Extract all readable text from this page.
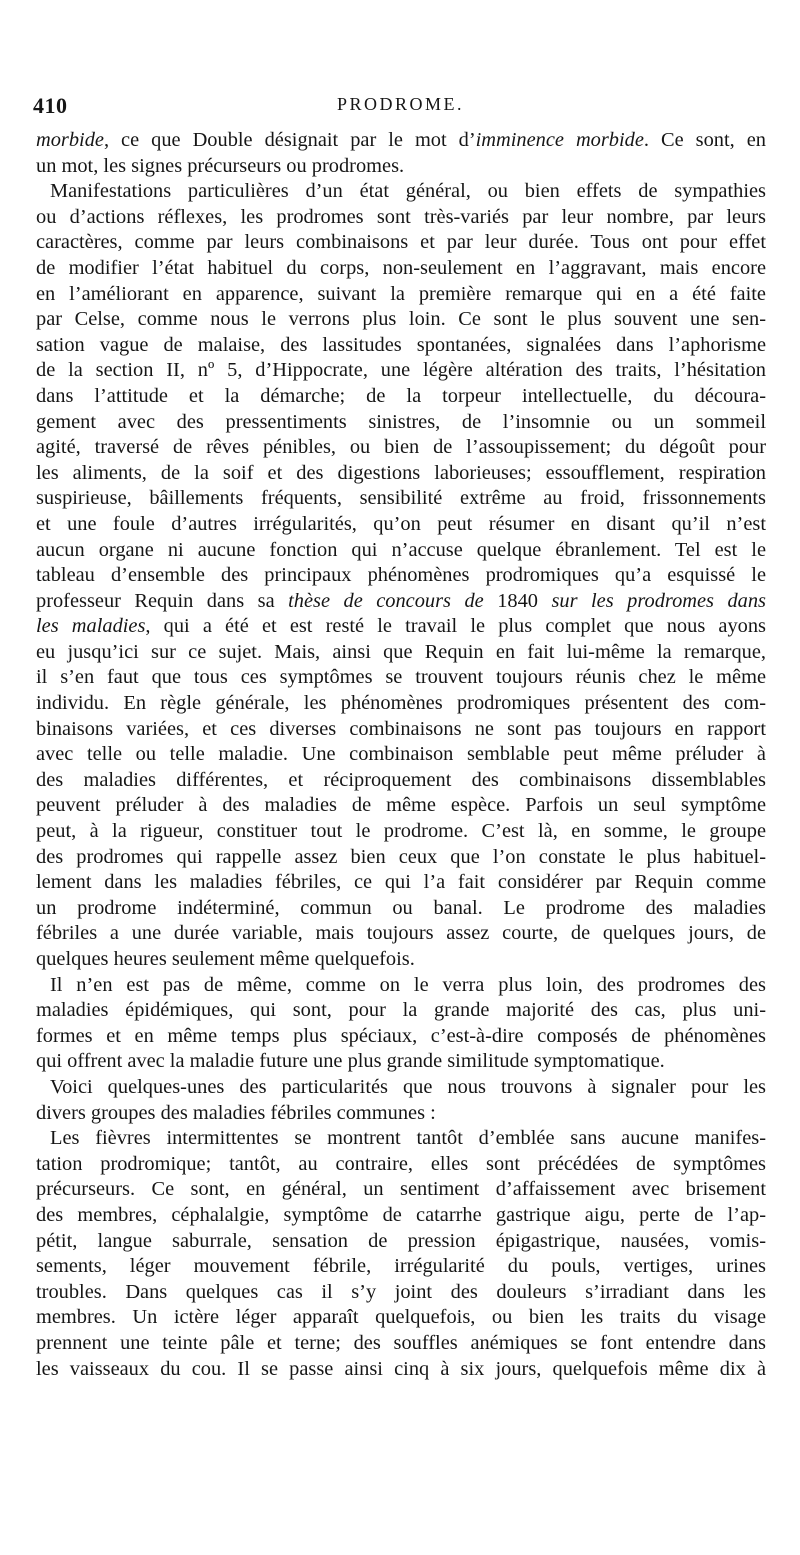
410	PRODROME.
morbide, ce que Double désignait par le mot d’imminence morbide. Ce sont, en
un mot, les signes précurseurs ou prodromes.
Manifestations particulières d’un état général, ou bien effets de sympathies
ou d’actions réflexes, les prodromes sont très-variés par leur nombre, par leurs
caractères, comme par leurs combinaisons et par leur durée. Tous ont pour effet
de modifier l’état habituel du corps, non-seulement en l’aggravant, mais encore
en l’améliorant en apparence, suivant la première remarque qui en a été faite
par Celse, comme nous le verrons plus loin. Ce sont le plus souvent une sen-
sation vague de malaise, des lassitudes spontanées, signalées dans l’aphorisme
de la section II, nº 5, d’Hippocrate, une légère altération des traits, l’hésitation
dans l’attitude et la démarche; de la torpeur intellectuelle, du découra-
gement avec des pressentiments sinistres, de l’insomnie ou un sommeil
agité, traversé de rêves pénibles, ou bien de l’assoupissement; du dégoût pour
les aliments, de la soif et des digestions laborieuses; essoufflement, respiration
suspirieuse, bâillements fréquents, sensibilité extrême au froid, frissonnements
et une foule d’autres irrégularités, qu’on peut résumer en disant qu’il n’est
aucun organe ni aucune fonction qui n’accuse quelque ébranlement. Tel est le
tableau d’ensemble des principaux phénomènes prodromiques qu’a esquissé le
professeur Requin dans sa thèse de concours de 1840 sur les prodromes dans
les maladies, qui a été et est resté le travail le plus complet que nous ayons
eu jusqu’ici sur ce sujet. Mais, ainsi que Requin en fait lui-même la remarque,
il s’en faut que tous ces symptômes se trouvent toujours réunis chez le même
individu. En règle générale, les phénomènes prodromiques présentent des com-
binaisons variées, et ces diverses combinaisons ne sont pas toujours en rapport
avec telle ou telle maladie. Une combinaison semblable peut même préluder à
des maladies différentes, et réciproquement des combinaisons dissemblables
peuvent préluder à des maladies de même espèce. Parfois un seul symptôme
peut, à la rigueur, constituer tout le prodrome. C’est là, en somme, le groupe
des prodromes qui rappelle assez bien ceux que l’on constate le plus habituel-
lement dans les maladies fébriles, ce qui l’a fait considérer par Requin comme
un prodrome indéterminé, commun ou banal. Le prodrome des maladies
fébriles a une durée variable, mais toujours assez courte, de quelques jours, de
quelques heures seulement même quelquefois.
Il n’en est pas de même, comme on le verra plus loin, des prodromes des
maladies épidémiques, qui sont, pour la grande majorité des cas, plus uni-
formes et en même temps plus spéciaux, c’est-à-dire composés de phénomènes
qui offrent avec la maladie future une plus grande similitude symptomatique.
Voici quelques-unes des particularités que nous trouvons à signaler pour les
divers groupes des maladies fébriles communes :
Les fièvres intermittentes se montrent tantôt d’emblée sans aucune manifes-
tation prodromique; tantôt, au contraire, elles sont précédées de symptômes
précurseurs. Ce sont, en général, un sentiment d’affaissement avec brisement
des membres, céphalalgie, symptôme de catarrhe gastrique aigu, perte de l’ap-
pétit, langue saburrale, sensation de pression épigastrique, nausées, vomis-
sements, léger mouvement fébrile, irrégularité du pouls, vertiges, urines
troubles. Dans quelques cas il s’y joint des douleurs s’irradiant dans les
membres. Un ictère léger apparaît quelquefois, ou bien les traits du visage
prennent une teinte pâle et terne; des souffles anémiques se font entendre dans
les vaisseaux du cou. Il se passe ainsi cinq à six jours, quelquefois même dix à
